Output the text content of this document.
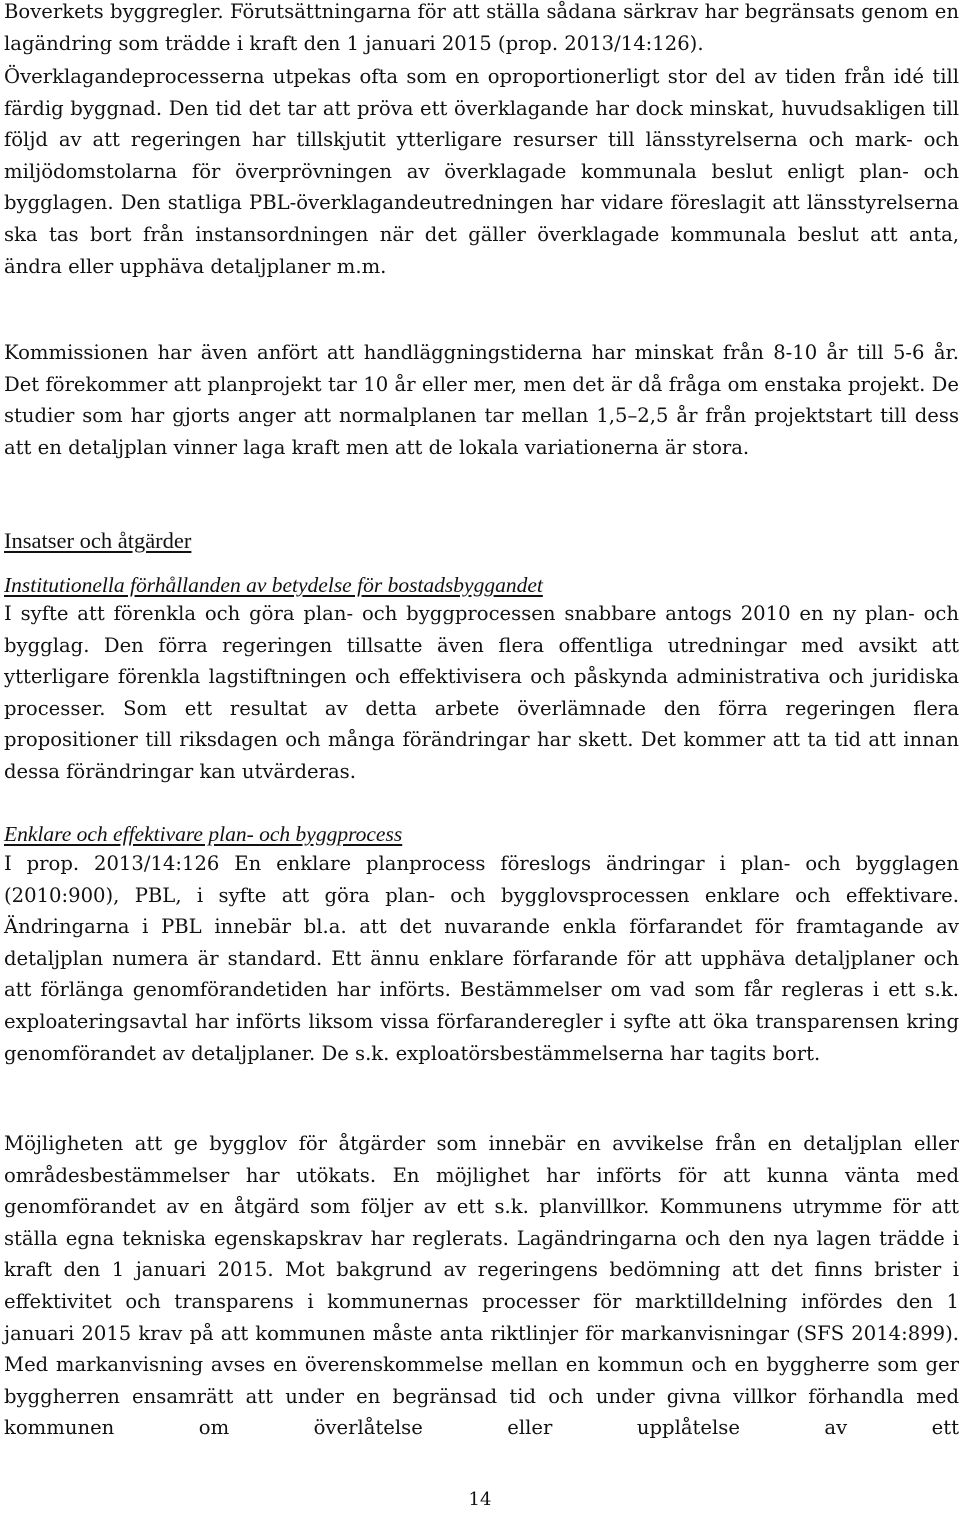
Boverkets byggregler. Förutsättningarna för att ställa sådana särkrav har begränsats genom en lagändring som trädde i kraft den 1 januari 2015 (prop. 2013/14:126).

Överklagandeprocesserna utpekas ofta som en oproportionerligt stor del av tiden från idé till färdig byggnad. Den tid det tar att pröva ett överklagande har dock minskat, huvudsakligen till följd av att regeringen har tillskjutit ytterligare resurser till länsstyrelserna och mark- och miljödomstolarna för överprövningen av överklagade kommunala beslut enligt plan- och bygglagen. Den statliga PBL-överklagandeutredningen har vidare föreslagit att länsstyrelserna ska tas bort från instansordningen när det gäller överklagade kommunala beslut att anta, ändra eller upphäva detaljplaner m.m.

Kommissionen har även anfört att handläggningstiderna har minskat från 8-10 år till 5-6 år. Det förekommer att planprojekt tar 10 år eller mer, men det är då fråga om enstaka projekt. De studier som har gjorts anger att normalplanen tar mellan 1,5–2,5 år från projektstart till dess att en detaljplan vinner laga kraft men att de lokala variationerna är stora.

Insatser och åtgärder
Institutionella förhållanden av betydelse för bostadsbyggandet

I syfte att förenkla och göra plan- och byggprocessen snabbare antogs 2010 en ny plan- och bygglag. Den förra regeringen tillsatte även flera offentliga utredningar med avsikt att ytterligare förenkla lagstiftningen och effektivisera och påskynda administrativa och juridiska processer. Som ett resultat av detta arbete överlämnade den förra regeringen flera propositioner till riksdagen och många förändringar har skett. Det kommer att ta tid att innan dessa förändringar kan utvärderas.

Enklare och effektivare plan- och byggprocess

I prop. 2013/14:126 En enklare planprocess föreslogs ändringar i plan- och bygglagen (2010:900), PBL, i syfte att göra plan- och bygglovsprocessen enklare och effektivare. Ändringarna i PBL innebär bl.a. att det nuvarande enkla förfarandet för framtagande av detaljplan numera är standard. Ett ännu enklare förfarande för att upphäva detaljplaner och att förlänga genomförandetiden har införts. Bestämmelser om vad som får regleras i ett s.k. exploateringsavtal har införts liksom vissa förfaranderegler i syfte att öka transparensen kring genomförandet av detaljplaner. De s.k. exploatörsbestämmelserna har tagits bort.

Möjligheten att ge bygglov för åtgärder som innebär en avvikelse från en detaljplan eller områdesbestämmelser har utökats. En möjlighet har införts för att kunna vänta med genomförandet av en åtgärd som följer av ett s.k. planvillkor. Kommunens utrymme för att ställa egna tekniska egenskapskrav har reglerats. Lagändringarna och den nya lagen trädde i kraft den 1 januari 2015. Mot bakgrund av regeringens bedömning att det finns brister i effektivitet och transparens i kommunernas processer för marktilldelning infördes den 1 januari 2015 krav på att kommunen måste anta riktlinjer för markanvisningar (SFS 2014:899). Med markanvisning avses en överenskommelse mellan en kommun och en byggherre som ger byggherren ensamrätt att under en begränsad tid och under givna villkor förhandla med kommunen om överlåtelse eller upplåtelse av ett

14
